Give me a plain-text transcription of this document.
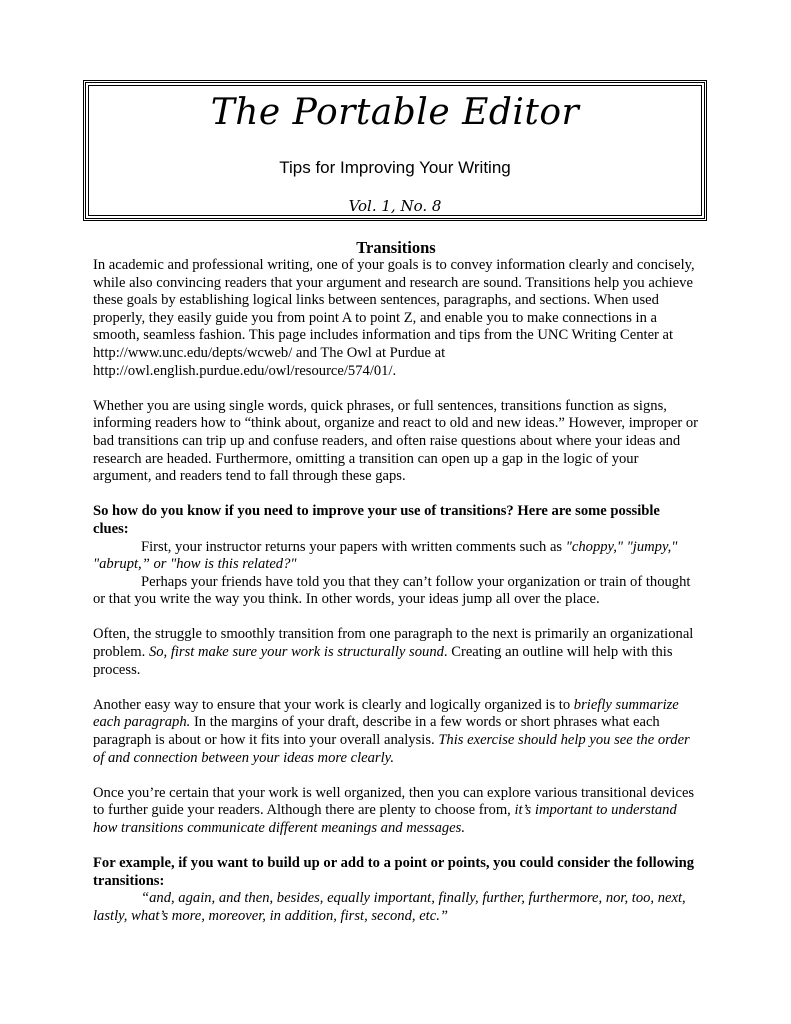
The Portable Editor
Tips for Improving Your Writing
Vol. 1, No. 8
Transitions

In academic and professional writing, one of your goals is to convey information clearly and concisely, while also convincing readers that your argument and research are sound. Transitions help you achieve these goals by establishing logical links between sentences, paragraphs, and sections. When used properly, they easily guide you from point A to point Z, and enable you to make connections in a smooth, seamless fashion. This page includes information and tips from the UNC Writing Center at http://www.unc.edu/depts/wcweb/ and The Owl at Purdue at http://owl.english.purdue.edu/owl/resource/574/01/.

Whether you are using single words, quick phrases, or full sentences, transitions function as signs, informing readers how to “think about, organize and react to old and new ideas.” However, improper or bad transitions can trip up and confuse readers, and often raise questions about where your ideas and research are headed. Furthermore, omitting a transition can open up a gap in the logic of your argument, and readers tend to fall through these gaps.

So how do you know if you need to improve your use of transitions? Here are some possible clues:

First, your instructor returns your papers with written comments such as "choppy," "jumpy," "abrupt,” or "how is this related?"

Perhaps your friends have told you that they can’t follow your organization or train of thought or that you write the way you think. In other words, your ideas jump all over the place.

Often, the struggle to smoothly transition from one paragraph to the next is primarily an organizational problem. So, first make sure your work is structurally sound. Creating an outline will help with this process.

Another easy way to ensure that your work is clearly and logically organized is to briefly summarize each paragraph. In the margins of your draft, describe in a few words or short phrases what each paragraph is about or how it fits into your overall analysis. This exercise should help you see the order of and connection between your ideas more clearly.

Once you’re certain that your work is well organized, then you can explore various transitional devices to further guide your readers. Although there are plenty to choose from, it’s important to understand how transitions communicate different meanings and messages.

For example, if you want to build up or add to a point or points, you could consider the following transitions:

“and, again, and then, besides, equally important, finally, further, furthermore, nor, too, next, lastly, what’s more, moreover, in addition, first, second, etc.”
